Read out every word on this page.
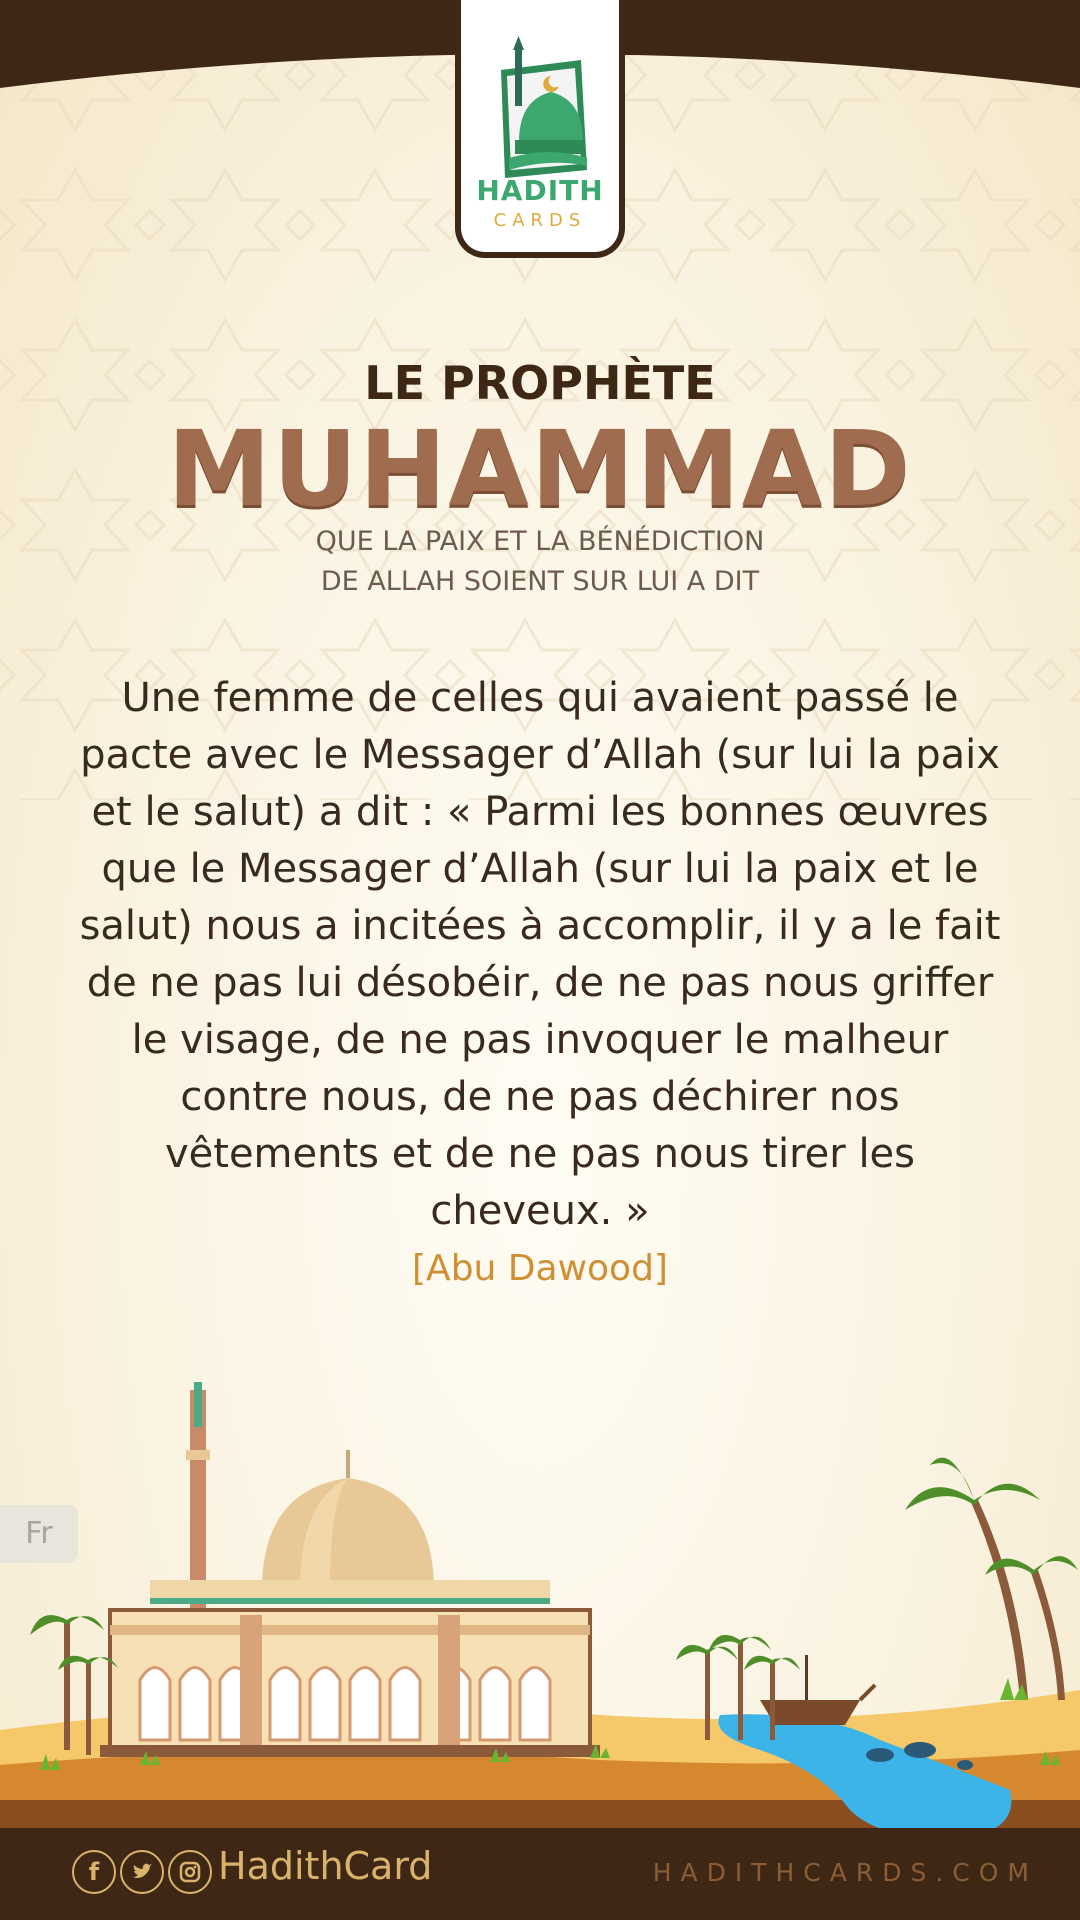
HADITH
CARDS
LE PROPHÈTE
MUHAMMAD
QUE LA PAIX ET LA BÉNÉDICTION
DE ALLAH SOIENT SUR LUI A DIT
Une femme de celles qui avaient passé le pacte avec le Messager d’Allah (sur lui la paix et le salut) a dit : « Parmi les bonnes œuvres que le Messager d’Allah (sur lui la paix et le salut) nous a incitées à accomplir, il y a le fait de ne pas lui désobéir, de ne pas nous griffer le visage, de ne pas invoquer le malheur contre nous, de ne pas déchirer nos vêtements et de ne pas nous tirer les cheveux. »
[Abu Dawood]
Fr
f	HadithCard	HADITHCARDS.COM
